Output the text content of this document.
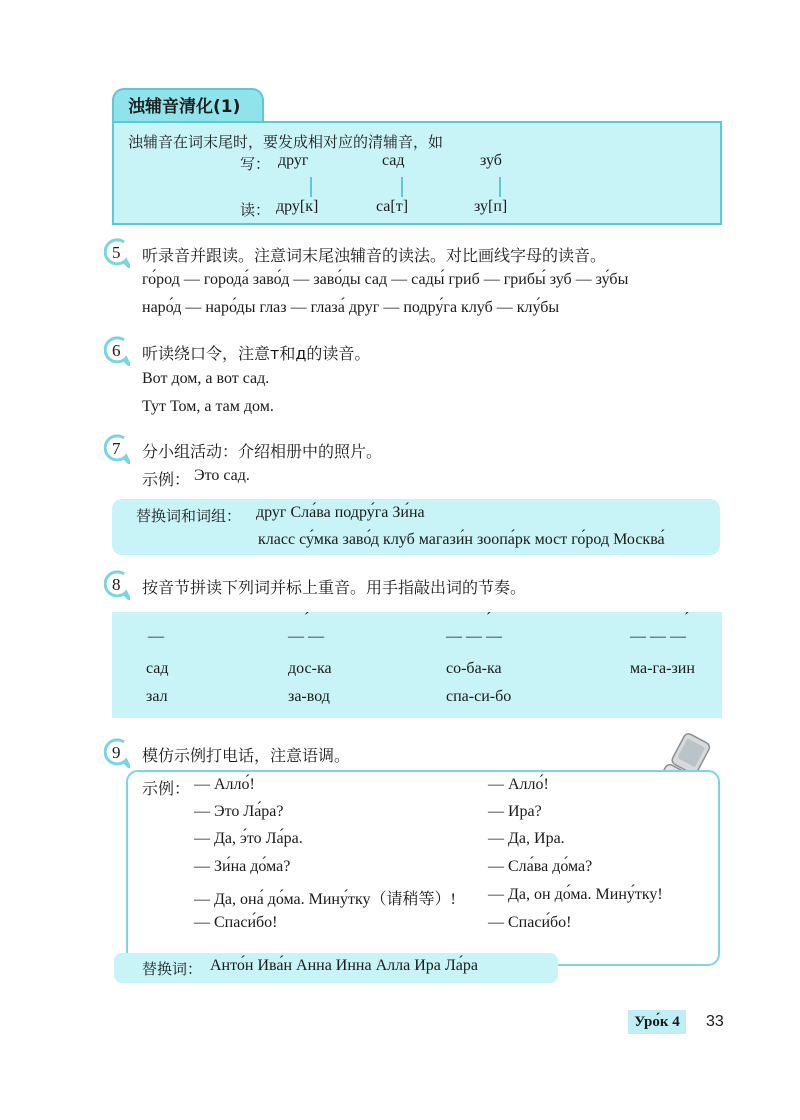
浊辅音清化(1)
浊辅音在词末尾时，要发成相对应的清辅音，如
写： друг	сад	зуб
读： дру[к]	са[т]	зу[п]
5 听录音并跟读。注意词末尾浊辅音的读法。对比画线字母的读音。
го́род — города́ заво́д — заво́ды сад — сады́ гриб — грибы́ зуб — зу́бы
наро́д — наро́ды глаз — глаза́ друг — подру́га клуб — клу́бы
6 听读绕口令，注意т和д的读音。
Вот дом, а вот сад.
Тут Том, а там дом.
7 分小组活动：介绍相册中的照片。
示例： Это сад.
替换词和词组： друг Сла́ва подру́га Зи́на
класс су́мка заво́д клуб магази́н зоопа́рк мост го́род Москва́
8 按音节拼读下列词并标上重音。用手指敲出词的节奏。
´	´	´
—	— —	— — —	— — —
сад	дос-ка	со-ба-ка	ма-га-зин
зал	за-вод	спа-си-бо
9 模仿示例打电话，注意语调。
示例： — Алло́!
— Это Ла́ра?
— Да, э́то Ла́ра.
— Зи́на до́ма?
— Да, она́ до́ма. Мину́тку（请稍等）!
— Спаси́бо!
— Алло́!
— Ира?
— Да, Ира.
— Сла́ва до́ма?
— Да, он до́ма. Мину́тку!
— Спаси́бо!
替换词： Анто́н Ива́н Анна Инна Алла Ира Ла́ра
Уро́к 4	33
